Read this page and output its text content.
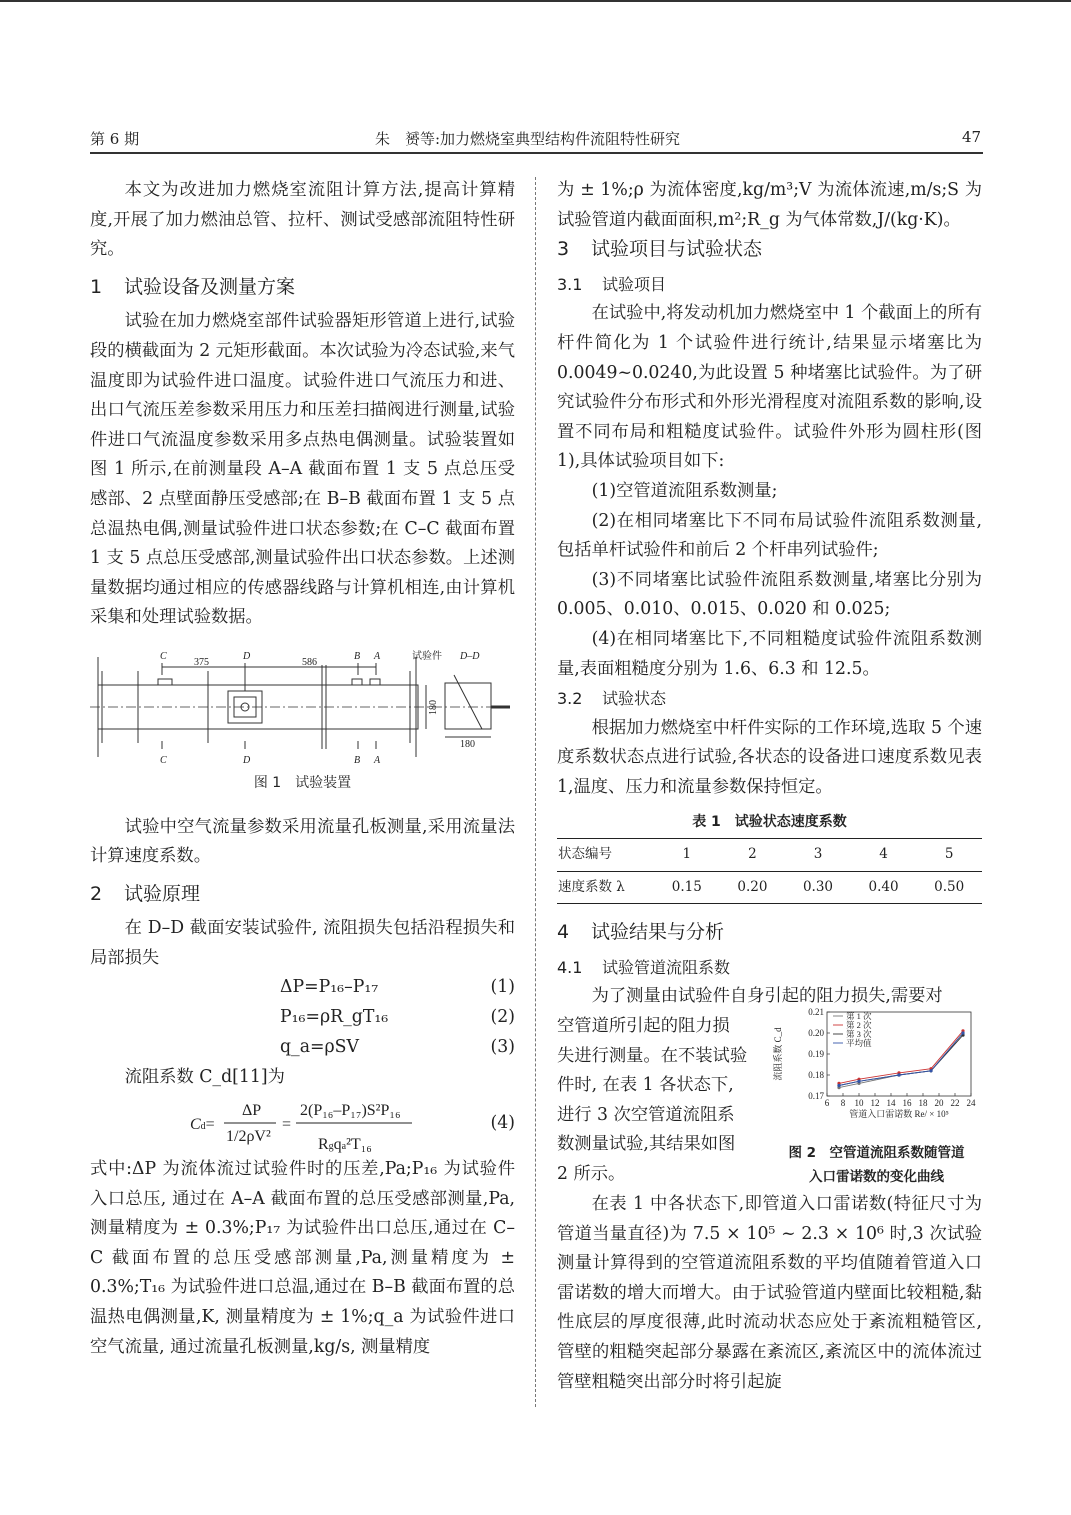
第 6 期	朱　赟等:加力燃烧室典型结构件流阻特性研究	47

本文为改进加力燃烧室流阻计算方法,提高计算精度,开展了加力燃油总管、拉杆、测试受感部流阻特性研究。

1 试验设备及测量方案

试验在加力燃烧室部件试验器矩形管道上进行,试验段的横截面为 2 元矩形截面。本次试验为冷态试验,来气温度即为试验件进口温度。试验件进口气流压力和进、出口气流压差参数采用压力和压差扫描阀进行测量,试验件进口气流温度参数采用多点热电偶测量。试验装置如图 1 所示,在前测量段 A–A 截面布置 1 支 5 点总压受感部、2 点壁面静压受感部;在 B–B 截面布置 1 支 5 点总温热电偶,测量试验件进口状态参数;在 C–C 截面布置 1 支 5 点总压受感部,测量试验件出口状态参数。上述测量数据均通过相应的传感器线路与计算机相连,由计算机采集和处理试验数据。

C	D	B A
375	586
试验件 D–D
180
180
C	D	B A
图 1　试验装置

试验中空气流量参数采用流量孔板测量,采用流量法计算速度系数。

2 试验原理

在 D–D 截面安装试验件, 流阻损失包括沿程损失和局部损失

ΔP=P₁₆–P₁₇	(1)
P₁₆=ρR_gT₁₆	(2)
q_a=ρSV	(3)

流阻系数 C_d[11]为

Cd=
ΔP
1/2ρV²
=
2(P₁₆–P₁₇)S²P₁₆
Rgqa²T₁₆
(4)

式中:ΔP 为流体流过试验件时的压差,Pa;P₁₆ 为试验件入口总压, 通过在 A–A 截面布置的总压受感部测量,Pa,测量精度为 ± 0.3%;P₁₇ 为试验件出口总压,通过在 C–C 截面布置的总压受感部测量,Pa,测量精度为 ± 0.3%;T₁₆ 为试验件进口总温,通过在 B–B 截面布置的总温热电偶测量,K, 测量精度为 ± 1%;q_a 为试验件进口空气流量, 通过流量孔板测量,kg/s, 测量精度

为 ± 1%;ρ 为流体密度,kg/m³;V 为流体流速,m/s;S 为试验管道内截面面积,m²;R_g 为气体常数,J/(kg·K)。

3 试验项目与试验状态

3.1 试验项目

在试验中,将发动机加力燃烧室中 1 个截面上的所有杆件简化为 1 个试验件进行统计,结果显示堵塞比为 0.0049~0.0240,为此设置 5 种堵塞比试验件。为了研究试验件分布形式和外形光滑程度对流阻系数的影响,设置不同布局和粗糙度试验件。试验件外形为圆柱形(图 1),具体试验项目如下:

(1)空管道流阻系数测量;

(2)在相同堵塞比下不同布局试验件流阻系数测量,包括单杆试验件和前后 2 个杆串列试验件;

(3)不同堵塞比试验件流阻系数测量,堵塞比分别为 0.005、0.010、0.015、0.020 和 0.025;

(4)在相同堵塞比下,不同粗糙度试验件流阻系数测量,表面粗糙度分别为 1.6、6.3 和 12.5。

3.2 试验状态

根据加力燃烧室中杆件实际的工作环境,选取 5 个速度系数状态点进行试验,各状态的设备进口速度系数见表 1,温度、压力和流量参数保持恒定。

表 1　试验状态速度系数
状态编号	1	2	3	4	5
速度系数 λ	0.15	0.20	0.30	0.40	0.50

4 试验结果与分析

4.1 试验管道流阻系数

为了测量由试验件自身引起的阻力损失,需要对

空管道所引起的阻力损
失进行测量。在不装试验
件时, 在表 1 各状态下,
进行 3 次空管道流阻系
数测量试验,其结果如图
2 所示。
6 8 10 12 14 16 18 20 22 24
0.17
0.18
0.19
0.20
0.21
管道入口雷诺数 Re/ × 10⁵
流阻系数 C_d
第 1 次
第 2 次
第 3 次
平均值
图 2　空管道流阻系数随管道
入口雷诺数的变化曲线

在表 1 中各状态下,即管道入口雷诺数(特征尺寸为管道当量直径)为 7.5 × 10⁵ ~ 2.3 × 10⁶ 时,3 次试验测量计算得到的空管道流阻系数的平均值随着管道入口雷诺数的增大而增大。由于试验管道内壁面比较粗糙,黏性底层的厚度很薄,此时流动状态应处于紊流粗糙管区, 管壁的粗糙突起部分暴露在紊流区,紊流区中的流体流过管壁粗糙突出部分时将引起旋
